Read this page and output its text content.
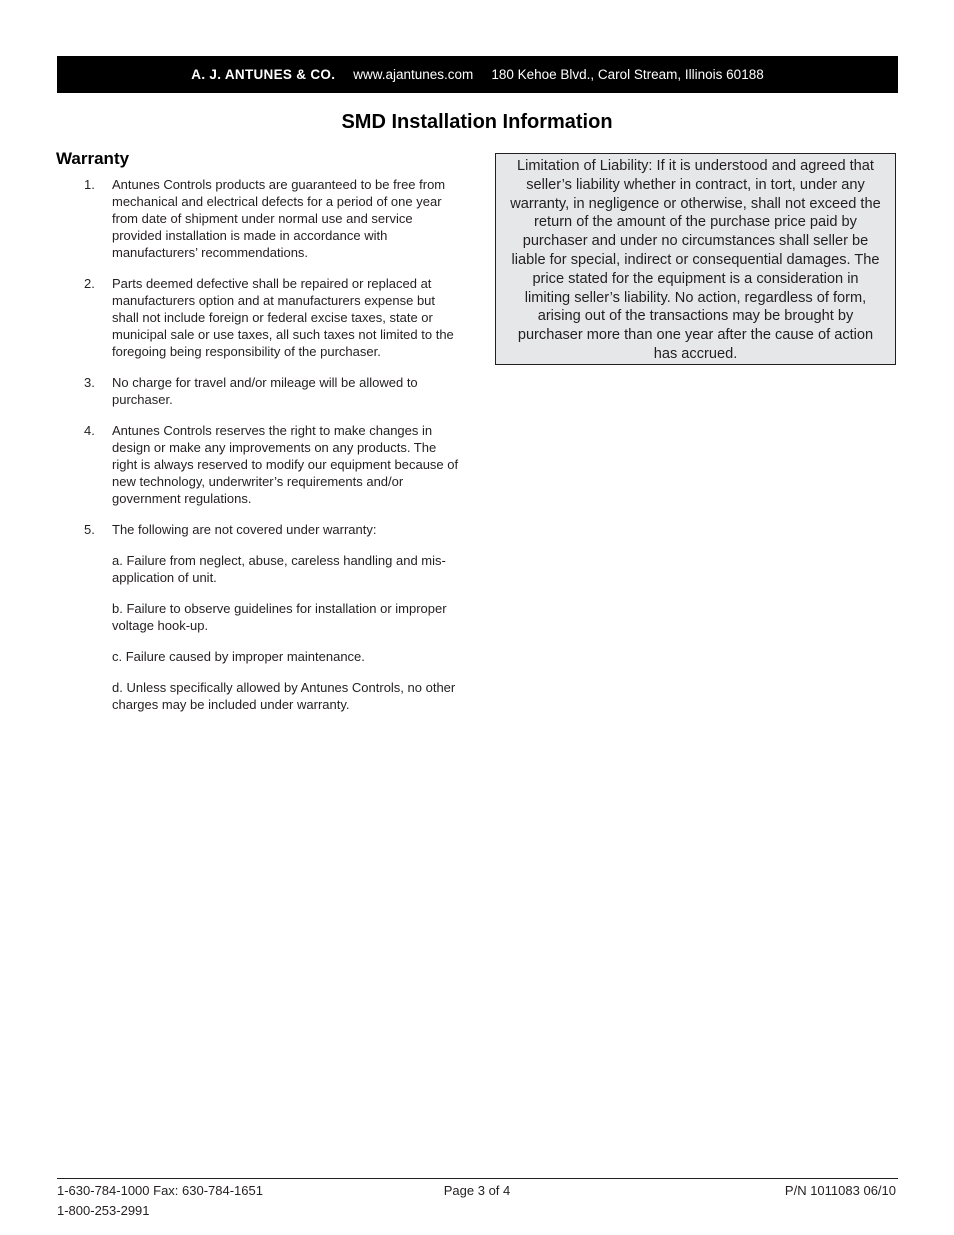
A. J. ANTUNES & CO. www.ajantunes.com 180 Kehoe Blvd., Carol Stream, Illinois 60188
SMD Installation Information
Warranty
1.	Antunes Controls products are guaranteed to be free from mechanical and electrical defects for a period of one year from date of shipment under normal use and service provided installation is made in accordance with manufacturers’ recommendations.
2.	Parts deemed defective shall be repaired or replaced at manufacturers option and at manufacturers expense but shall not include foreign or federal excise taxes, state or municipal sale or use taxes, all such taxes not limited to the foregoing being responsibility of the purchaser.
3.	No charge for travel and/or mileage will be allowed to purchaser.
4.	Antunes Controls reserves the right to make changes in design or make any improvements on any products. The right is always reserved to modify our equipment because of new technology, underwriter’s requirements and/or government regulations.
5.	The following are not covered under warranty:
a. Failure from neglect, abuse, careless handling and mis-application of unit.
b. Failure to observe guidelines for installation or improper voltage hook-up.
c. Failure caused by improper maintenance.
d. Unless specifically allowed by Antunes Controls, no other charges may be included under warranty.
Limitation of Liability: If it is understood and agreed that seller’s liability whether in contract, in tort, under any warranty, in negligence or otherwise, shall not exceed the return of the amount of the purchase price paid by purchaser and under no circumstances shall seller be liable for special, indirect or consequential damages. The price stated for the equipment is a consideration in limiting seller’s liability. No action, regardless of form, arising out of the transactions may be brought by purchaser more than one year after the cause of action has accrued.
1-630-784-1000 Fax: 630-784-1651
1-800-253-2991
Page 3 of 4	P/N 1011083 06/10
